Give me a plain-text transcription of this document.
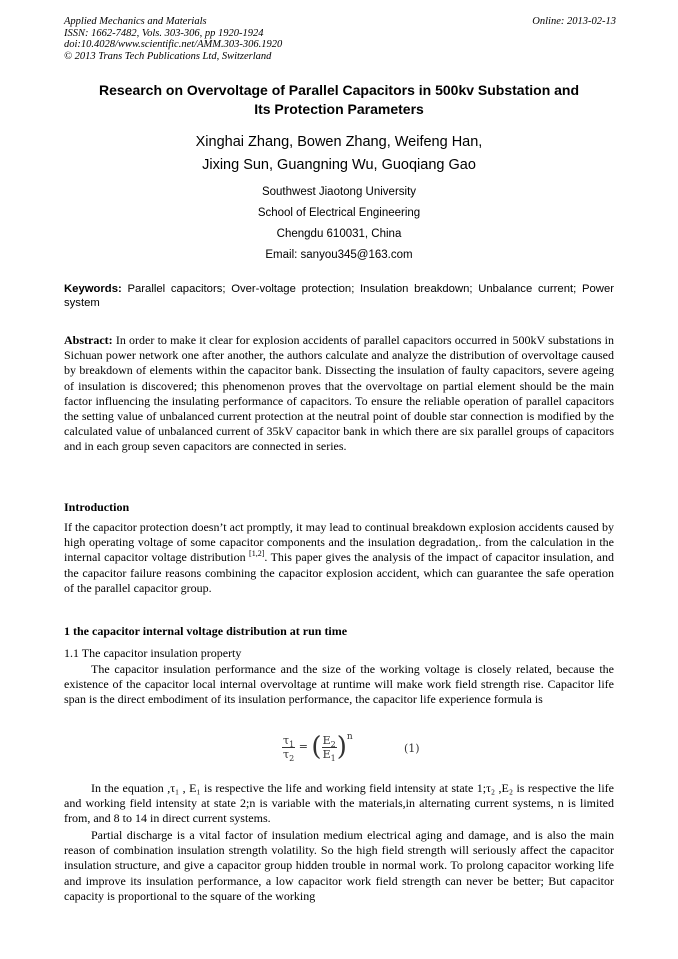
Applied Mechanics and Materials
ISSN: 1662-7482, Vols. 303-306, pp 1920-1924
doi:10.4028/www.scientific.net/AMM.303-306.1920
© 2013 Trans Tech Publications Ltd, Switzerland
Online: 2013-02-13
Research on Overvoltage of Parallel Capacitors in 500kv Substation and
Its Protection Parameters
Xinghai Zhang, Bowen Zhang, Weifeng Han,
Jixing Sun, Guangning Wu, Guoqiang Gao
Southwest Jiaotong University
School of Electrical Engineering
Chengdu 610031, China
Email: sanyou345@163.com
Keywords: Parallel capacitors; Over-voltage protection; Insulation breakdown; Unbalance current; Power system
Abstract: In order to make it clear for explosion accidents of parallel capacitors occurred in 500kV substations in Sichuan power network one after another, the authors calculate and analyze the distribution of overvoltage caused by breakdown of elements within the capacitor bank. Dissecting the insulation of faulty capacitors, severe ageing of insulation is discovered; this phenomenon proves that the overvoltage on partial element should be the main factor influencing the insulating performance of capacitors. To ensure the reliable operation of parallel capacitors the setting value of unbalanced current protection at the neutral point of double star connection is modified by the calculated value of unbalanced current of 35kV capacitor bank in which there are six parallel groups of capacitors and in each group seven capacitors are connected in series.
Introduction
If the capacitor protection doesn’t act promptly, it may lead to continual breakdown explosion accidents caused by high operating voltage of some capacitor components and the insulation degradation,. from the calculation in the internal capacitor voltage distribution [1,2]. This paper gives the analysis of the impact of capacitor insulation, and the capacitor failure reasons combining the capacitor explosion accident, which can guarantee the safe operation of the parallel capacitor group.
1 the capacitor internal voltage distribution at run time
1.1 The capacitor insulation property

The capacitor insulation performance and the size of the working voltage is closely related, because the existence of the capacitor local internal overvoltage at runtime will make work field strength rise. Capacitor life span is the direct embodiment of its insulation performance, the capacitor life experience formula is

$\frac{\tau_1}{\tau_2}$ = ( $\frac{E_2}{E_1} )^n$
(1)

In the equation ,τ₁ , E₁ is respective the life and working field intensity at state 1;τ₂ ,E₂ is respective the life and working field intensity at state 2;n is variable with the materials,in alternating current systems, n is limited from, and 8 to 14 in direct current systems.

Partial discharge is a vital factor of insulation medium electrical aging and damage, and is also the main reason of combination insulation strength volatility. So the high field strength will seriously affect the capacitor insulation structure, and give a capacitor group hidden trouble in normal work. To prolong capacitor working life and improve its insulation performance, a low capacitor work field strength can never be better; But capacitor capacity is proportional to the square of the working
